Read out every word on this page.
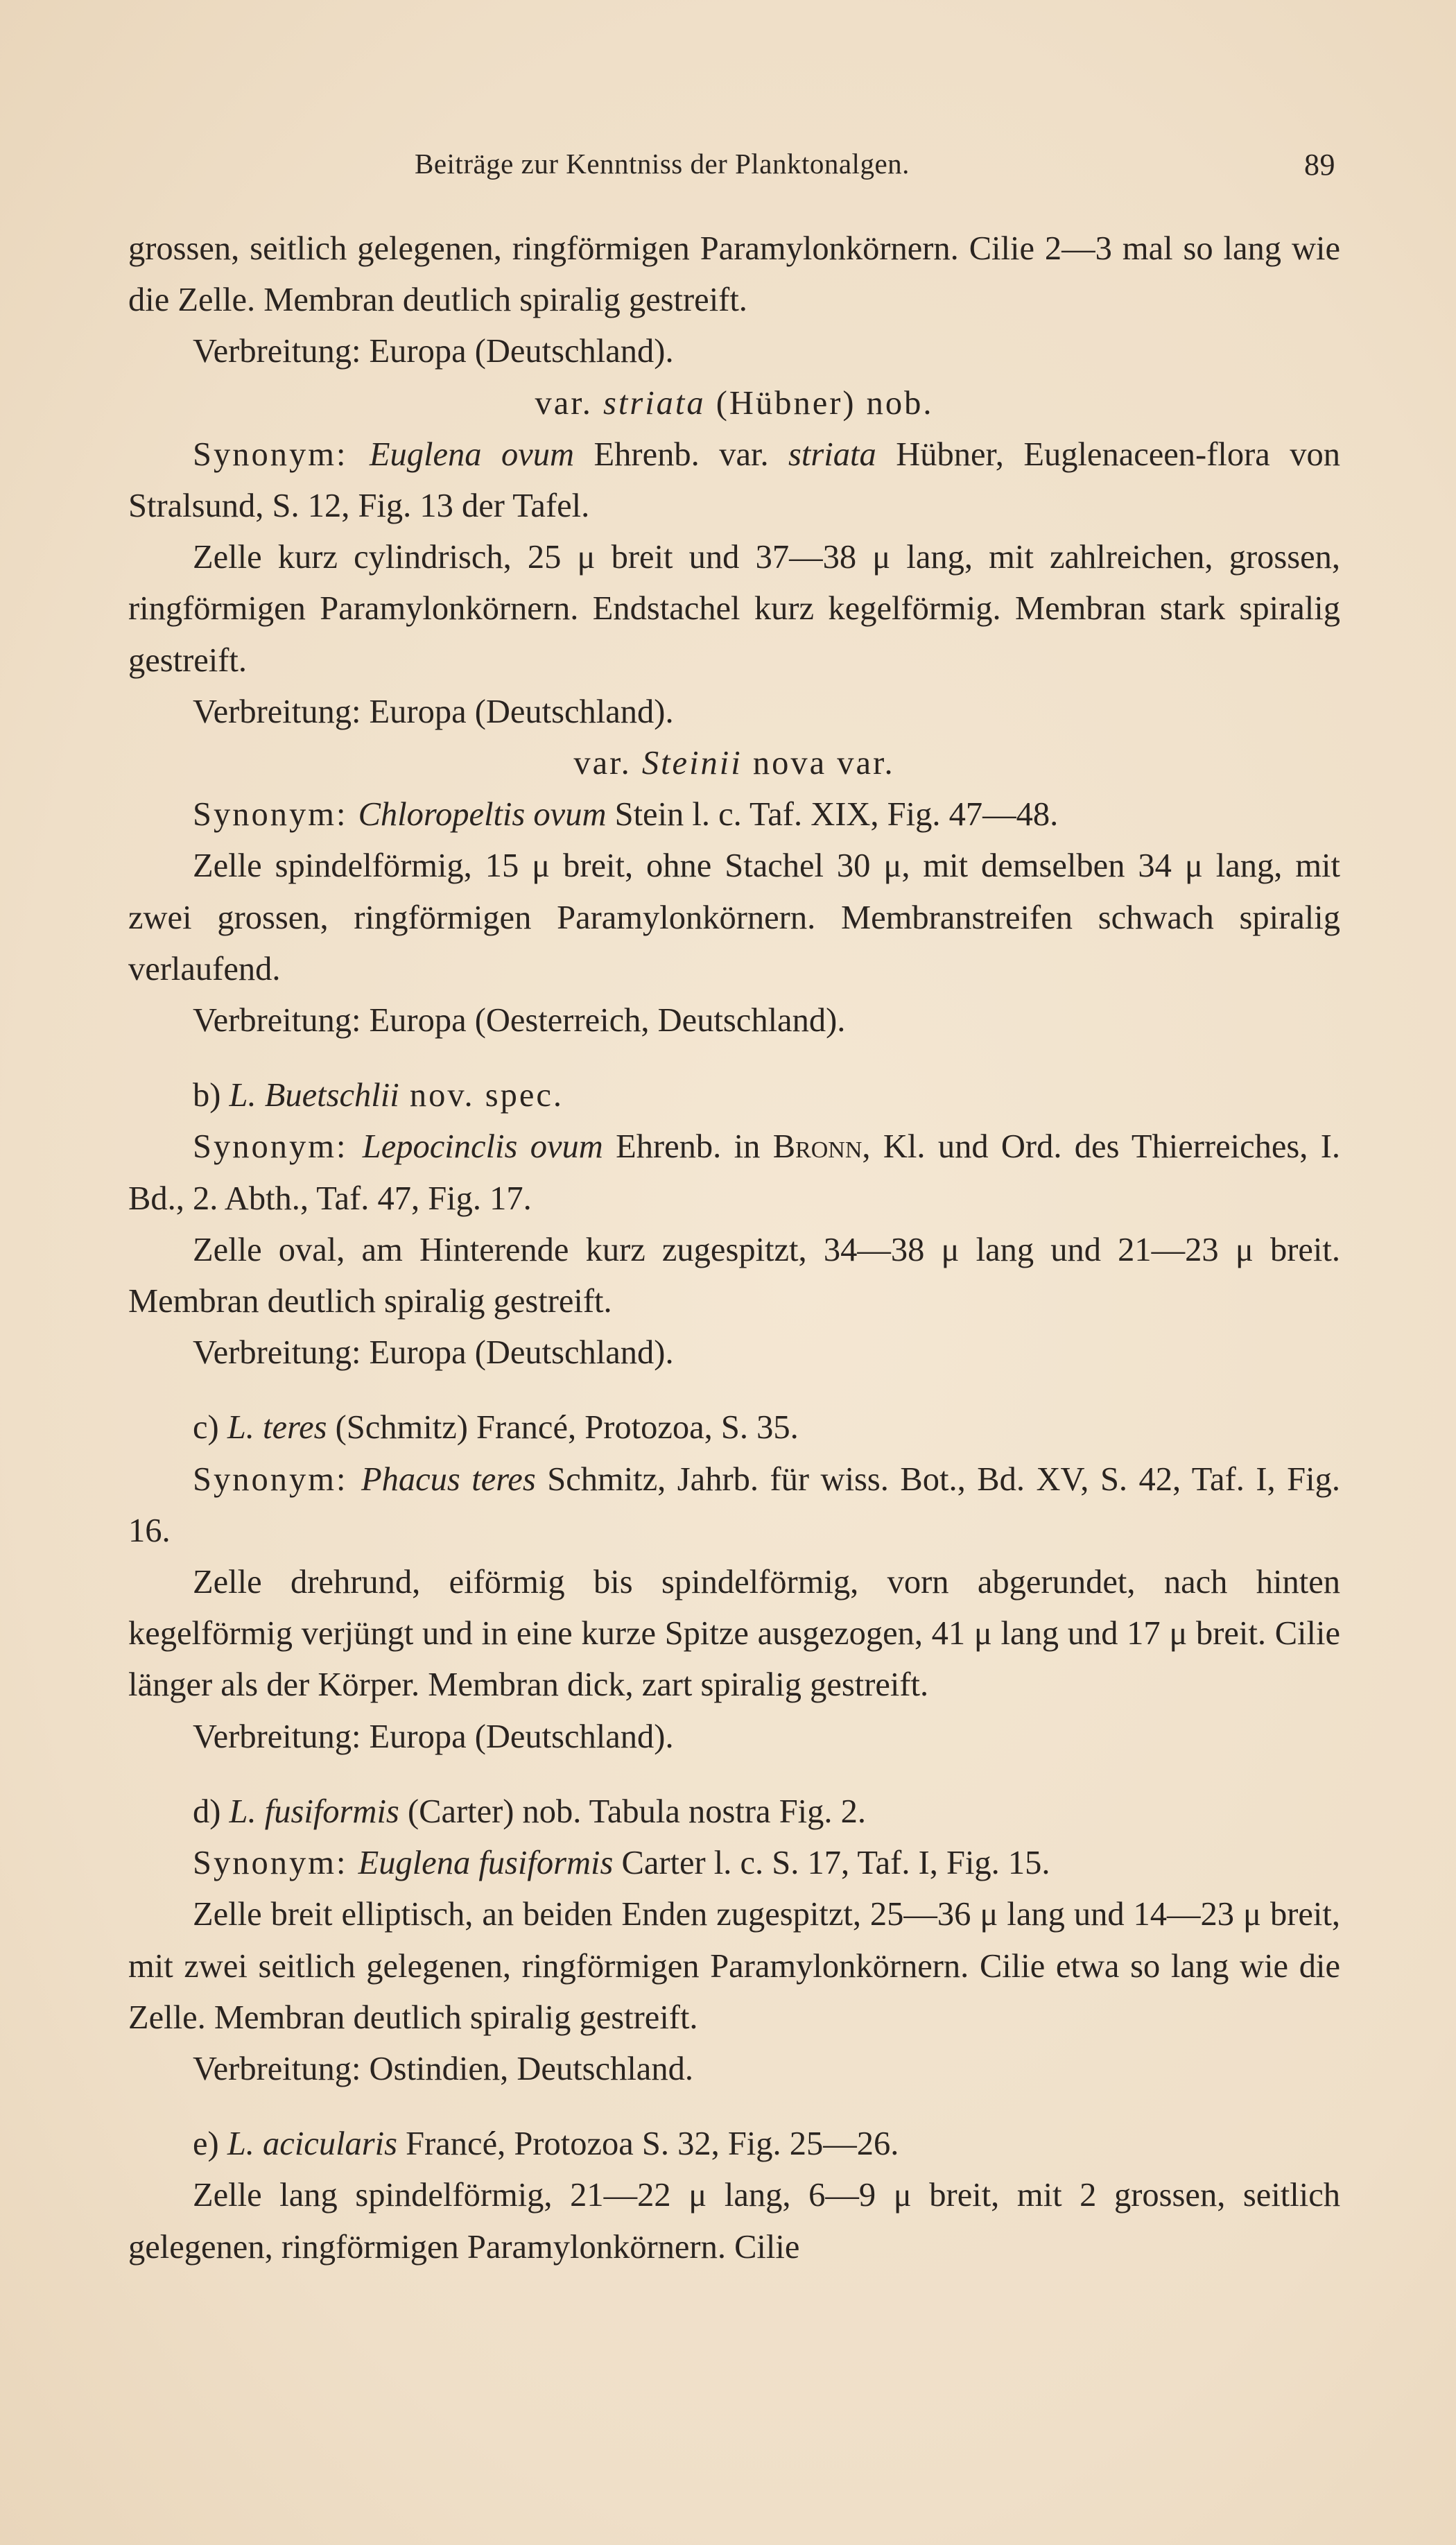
Beiträge zur Kenntniss der Planktonalgen.	89

grossen, seitlich gelegenen, ringförmigen Paramylonkörnern. Cilie 2—3 mal so lang wie die Zelle. Membran deutlich spiralig gestreift.

Verbreitung: Europa (Deutschland).

var. striata (Hübner) nob.

Synonym: Euglena ovum Ehrenb. var. striata Hübner, Euglenaceen-flora von Stralsund, S. 12, Fig. 13 der Tafel.

Zelle kurz cylindrisch, 25 μ breit und 37—38 μ lang, mit zahlreichen, grossen, ringförmigen Paramylonkörnern. Endstachel kurz kegelförmig. Membran stark spiralig gestreift.

Verbreitung: Europa (Deutschland).

var. Steinii nova var.

Synonym: Chloropeltis ovum Stein l. c. Taf. XIX, Fig. 47—48.

Zelle spindelförmig, 15 μ breit, ohne Stachel 30 μ, mit demselben 34 μ lang, mit zwei grossen, ringförmigen Paramylonkörnern. Membranstreifen schwach spiralig verlaufend.

Verbreitung: Europa (Oesterreich, Deutschland).

b) L. Buetschlii nov. spec.

Synonym: Lepocinclis ovum Ehrenb. in Bronn, Kl. und Ord. des Thierreiches, I. Bd., 2. Abth., Taf. 47, Fig. 17.

Zelle oval, am Hinterende kurz zugespitzt, 34—38 μ lang und 21—23 μ breit. Membran deutlich spiralig gestreift.

Verbreitung: Europa (Deutschland).

c) L. teres (Schmitz) Francé, Protozoa, S. 35.

Synonym: Phacus teres Schmitz, Jahrb. für wiss. Bot., Bd. XV, S. 42, Taf. I, Fig. 16.

Zelle drehrund, eiförmig bis spindelförmig, vorn abgerundet, nach hinten kegelförmig verjüngt und in eine kurze Spitze ausgezogen, 41 μ lang und 17 μ breit. Cilie länger als der Körper. Membran dick, zart spiralig gestreift.

Verbreitung: Europa (Deutschland).

d) L. fusiformis (Carter) nob. Tabula nostra Fig. 2.

Synonym: Euglena fusiformis Carter l. c. S. 17, Taf. I, Fig. 15.

Zelle breit elliptisch, an beiden Enden zugespitzt, 25—36 μ lang und 14—23 μ breit, mit zwei seitlich gelegenen, ringförmigen Paramylonkörnern. Cilie etwa so lang wie die Zelle. Membran deutlich spiralig gestreift.

Verbreitung: Ostindien, Deutschland.

e) L. acicularis Francé, Protozoa S. 32, Fig. 25—26.

Zelle lang spindelförmig, 21—22 μ lang, 6—9 μ breit, mit 2 grossen, seitlich gelegenen, ringförmigen Paramylonkörnern. Cilie
